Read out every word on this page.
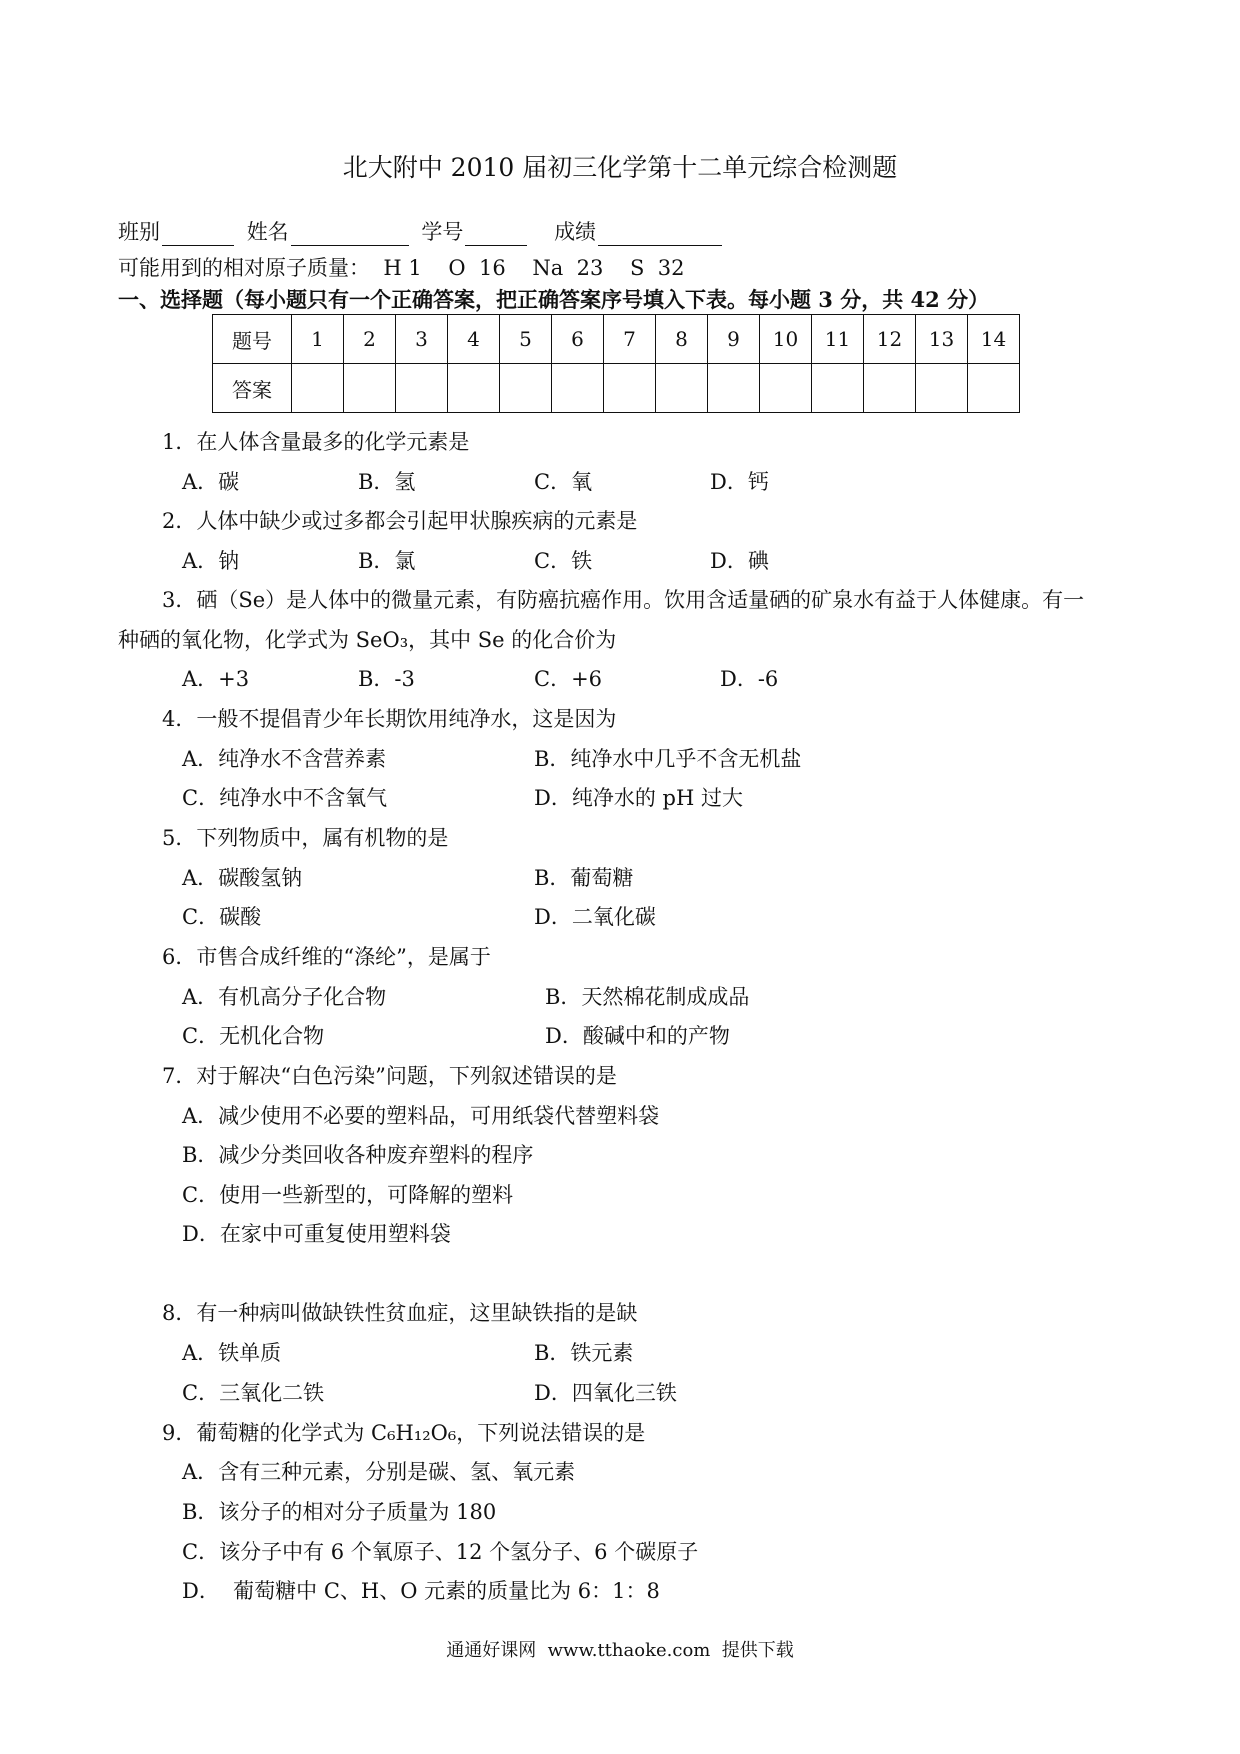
北大附中 2010 届初三化学第十二单元综合检测题
班别	姓名	学号	成绩
可能用到的相对原子质量：  H 1    O  16    Na  23    S  32
一、选择题（每小题只有一个正确答案，把正确答案序号填入下表。每小题 3 分，共 42 分）
题号	1	2	3	4	5	6	7	8	9	10	11	12	13	14
答案														
1．在人体含量最多的化学元素是
A．碳	B．氢	C．氧	D．钙
2．人体中缺少或过多都会引起甲状腺疾病的元素是
A．钠	B．氯	C．铁	D．碘
3．硒（Se）是人体中的微量元素，有防癌抗癌作用。饮用含适量硒的矿泉水有益于人体健康。有一
种硒的氧化物，化学式为 SeO₃，其中 Se 的化合价为
A．+3	B．-3	C．+6	D．-6
4．一般不提倡青少年长期饮用纯净水，这是因为
A．纯净水不含营养素	B．纯净水中几乎不含无机盐
C．纯净水中不含氧气	D．纯净水的 pH 过大
5．下列物质中，属有机物的是
A．碳酸氢钠	B．葡萄糖
C．碳酸	D．二氧化碳
6．市售合成纤维的“涤纶”，是属于
A．有机高分子化合物	B．天然棉花制成成品
C．无机化合物	D．酸碱中和的产物
7．对于解决“白色污染”问题，下列叙述错误的是
A．减少使用不必要的塑料品，可用纸袋代替塑料袋
B．减少分类回收各种废弃塑料的程序
C．使用一些新型的，可降解的塑料
D．在家中可重复使用塑料袋
8．有一种病叫做缺铁性贫血症，这里缺铁指的是缺
A．铁单质	B．铁元素
C．三氧化二铁	D．四氧化三铁
9．葡萄糖的化学式为 C₆H₁₂O₆，下列说法错误的是
A．含有三种元素，分别是碳、氢、氧元素
B．该分子的相对分子质量为 180
C．该分子中有 6 个氧原子、12 个氢分子、6 个碳原子
D．  葡萄糖中 C、H、O 元素的质量比为 6：1：8
通通好课网  www.tthaoke.com  提供下载
